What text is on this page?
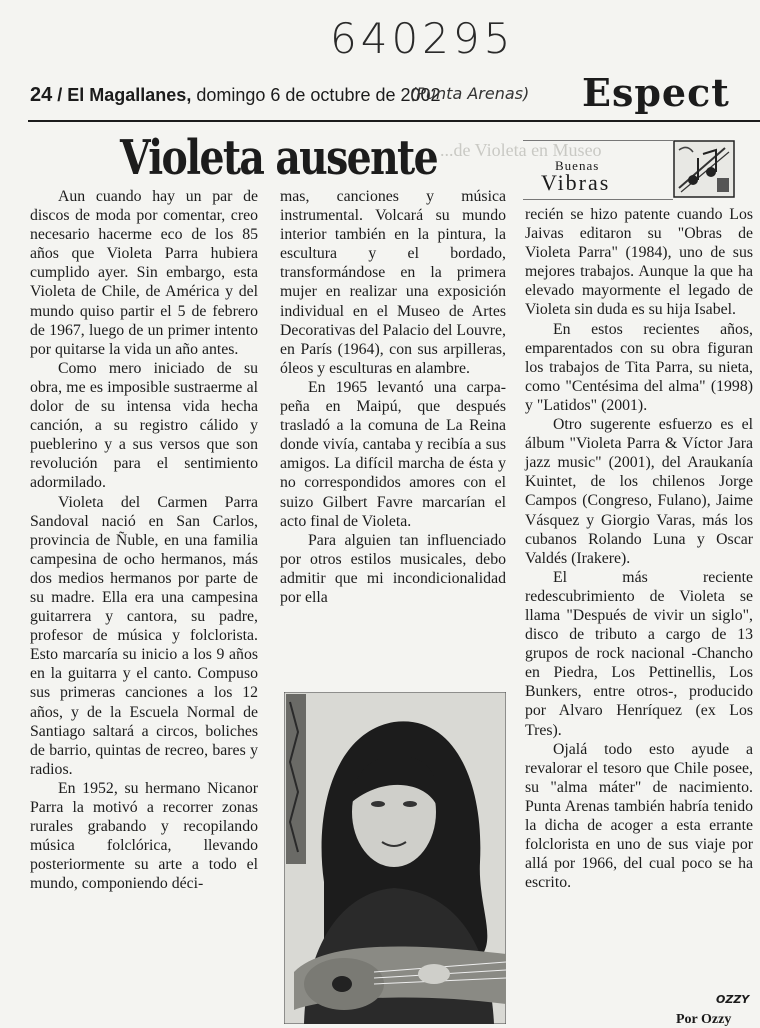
640295
24 / El Magallanes, domingo 6 de octubre de 2002
(Punta Arenas) Espect
...de Violeta en Museo
Violeta ausente	Buenas
Vibras

Aun cuando hay un par de discos de moda por comentar, creo necesario hacerme eco de los 85 años que Violeta Parra hubiera cumplido ayer. Sin embargo, esta Violeta de Chile, de América y del mundo quiso partir el 5 de febrero de 1967, luego de un primer intento por quitarse la vida un año antes.

Como mero iniciado de su obra, me es imposible sustraerme al dolor de su intensa vida hecha canción, a su registro cálido y pueblerino y a sus versos que son revolución para el sentimiento adormilado.

Violeta del Carmen Parra Sandoval nació en San Carlos, provincia de Ñuble, en una familia campesina de ocho hermanos, más dos medios hermanos por parte de su madre. Ella era una campesina guitarrera y cantora, su padre, profesor de música y folclorista. Esto marcaría su inicio a los 9 años en la guitarra y el canto. Compuso sus primeras canciones a los 12 años, y de la Escuela Normal de Santiago saltará a circos, boliches de barrio, quintas de recreo, bares y radios.

En 1952, su hermano Nicanor Parra la motivó a recorrer zonas rurales grabando y recopilando música folclórica, llevando posteriormente su arte a todo el mundo, componiendo déci-

mas, canciones y música instrumental. Volcará su mundo interior también en la pintura, la escultura y el bordado, transformándose en la primera mujer en realizar una exposición individual en el Museo de Artes Decorativas del Palacio del Louvre, en París (1964), con sus arpilleras, óleos y esculturas en alambre.

En 1965 levantó una carpa-peña en Maipú, que después trasladó a la comuna de La Reina donde vivía, cantaba y recibía a sus amigos. La difícil marcha de ésta y no correspondidos amores con el suizo Gilbert Favre marcarían el acto final de Violeta.

Para alguien tan influenciado por otros estilos musicales, debo admitir que mi incondicionalidad por ella

recién se hizo patente cuando Los Jaivas editaron su "Obras de Violeta Parra" (1984), uno de sus mejores trabajos. Aunque la que ha elevado mayormente el legado de Violeta sin duda es su hija Isabel.

En estos recientes años, emparentados con su obra figuran los trabajos de Tita Parra, su nieta, como "Centésima del alma" (1998) y "Latidos" (2001).

Otro sugerente esfuerzo es el álbum "Violeta Parra & Víctor Jara jazz music" (2001), del Araukanía Kuintet, de los chilenos Jorge Campos (Congreso, Fulano), Jaime Vásquez y Giorgio Varas, más los cubanos Rolando Luna y Oscar Valdés (Irakere).

El más reciente redescubrimiento de Violeta se llama "Después de vivir un siglo", disco de tributo a cargo de 13 grupos de rock nacional -Chancho en Piedra, Los Pettinellis, Los Bunkers, entre otros-, producido por Alvaro Henríquez (ex Los Tres).

Ojalá todo esto ayude a revalorar el tesoro que Chile posee, su "alma máter" de nacimiento. Punta Arenas también habría tenido la dicha de acoger a esta errante folclorista en uno de sus viaje por allá por 1966, del cual poco se ha escrito.

OZZY
Por Ozzy
